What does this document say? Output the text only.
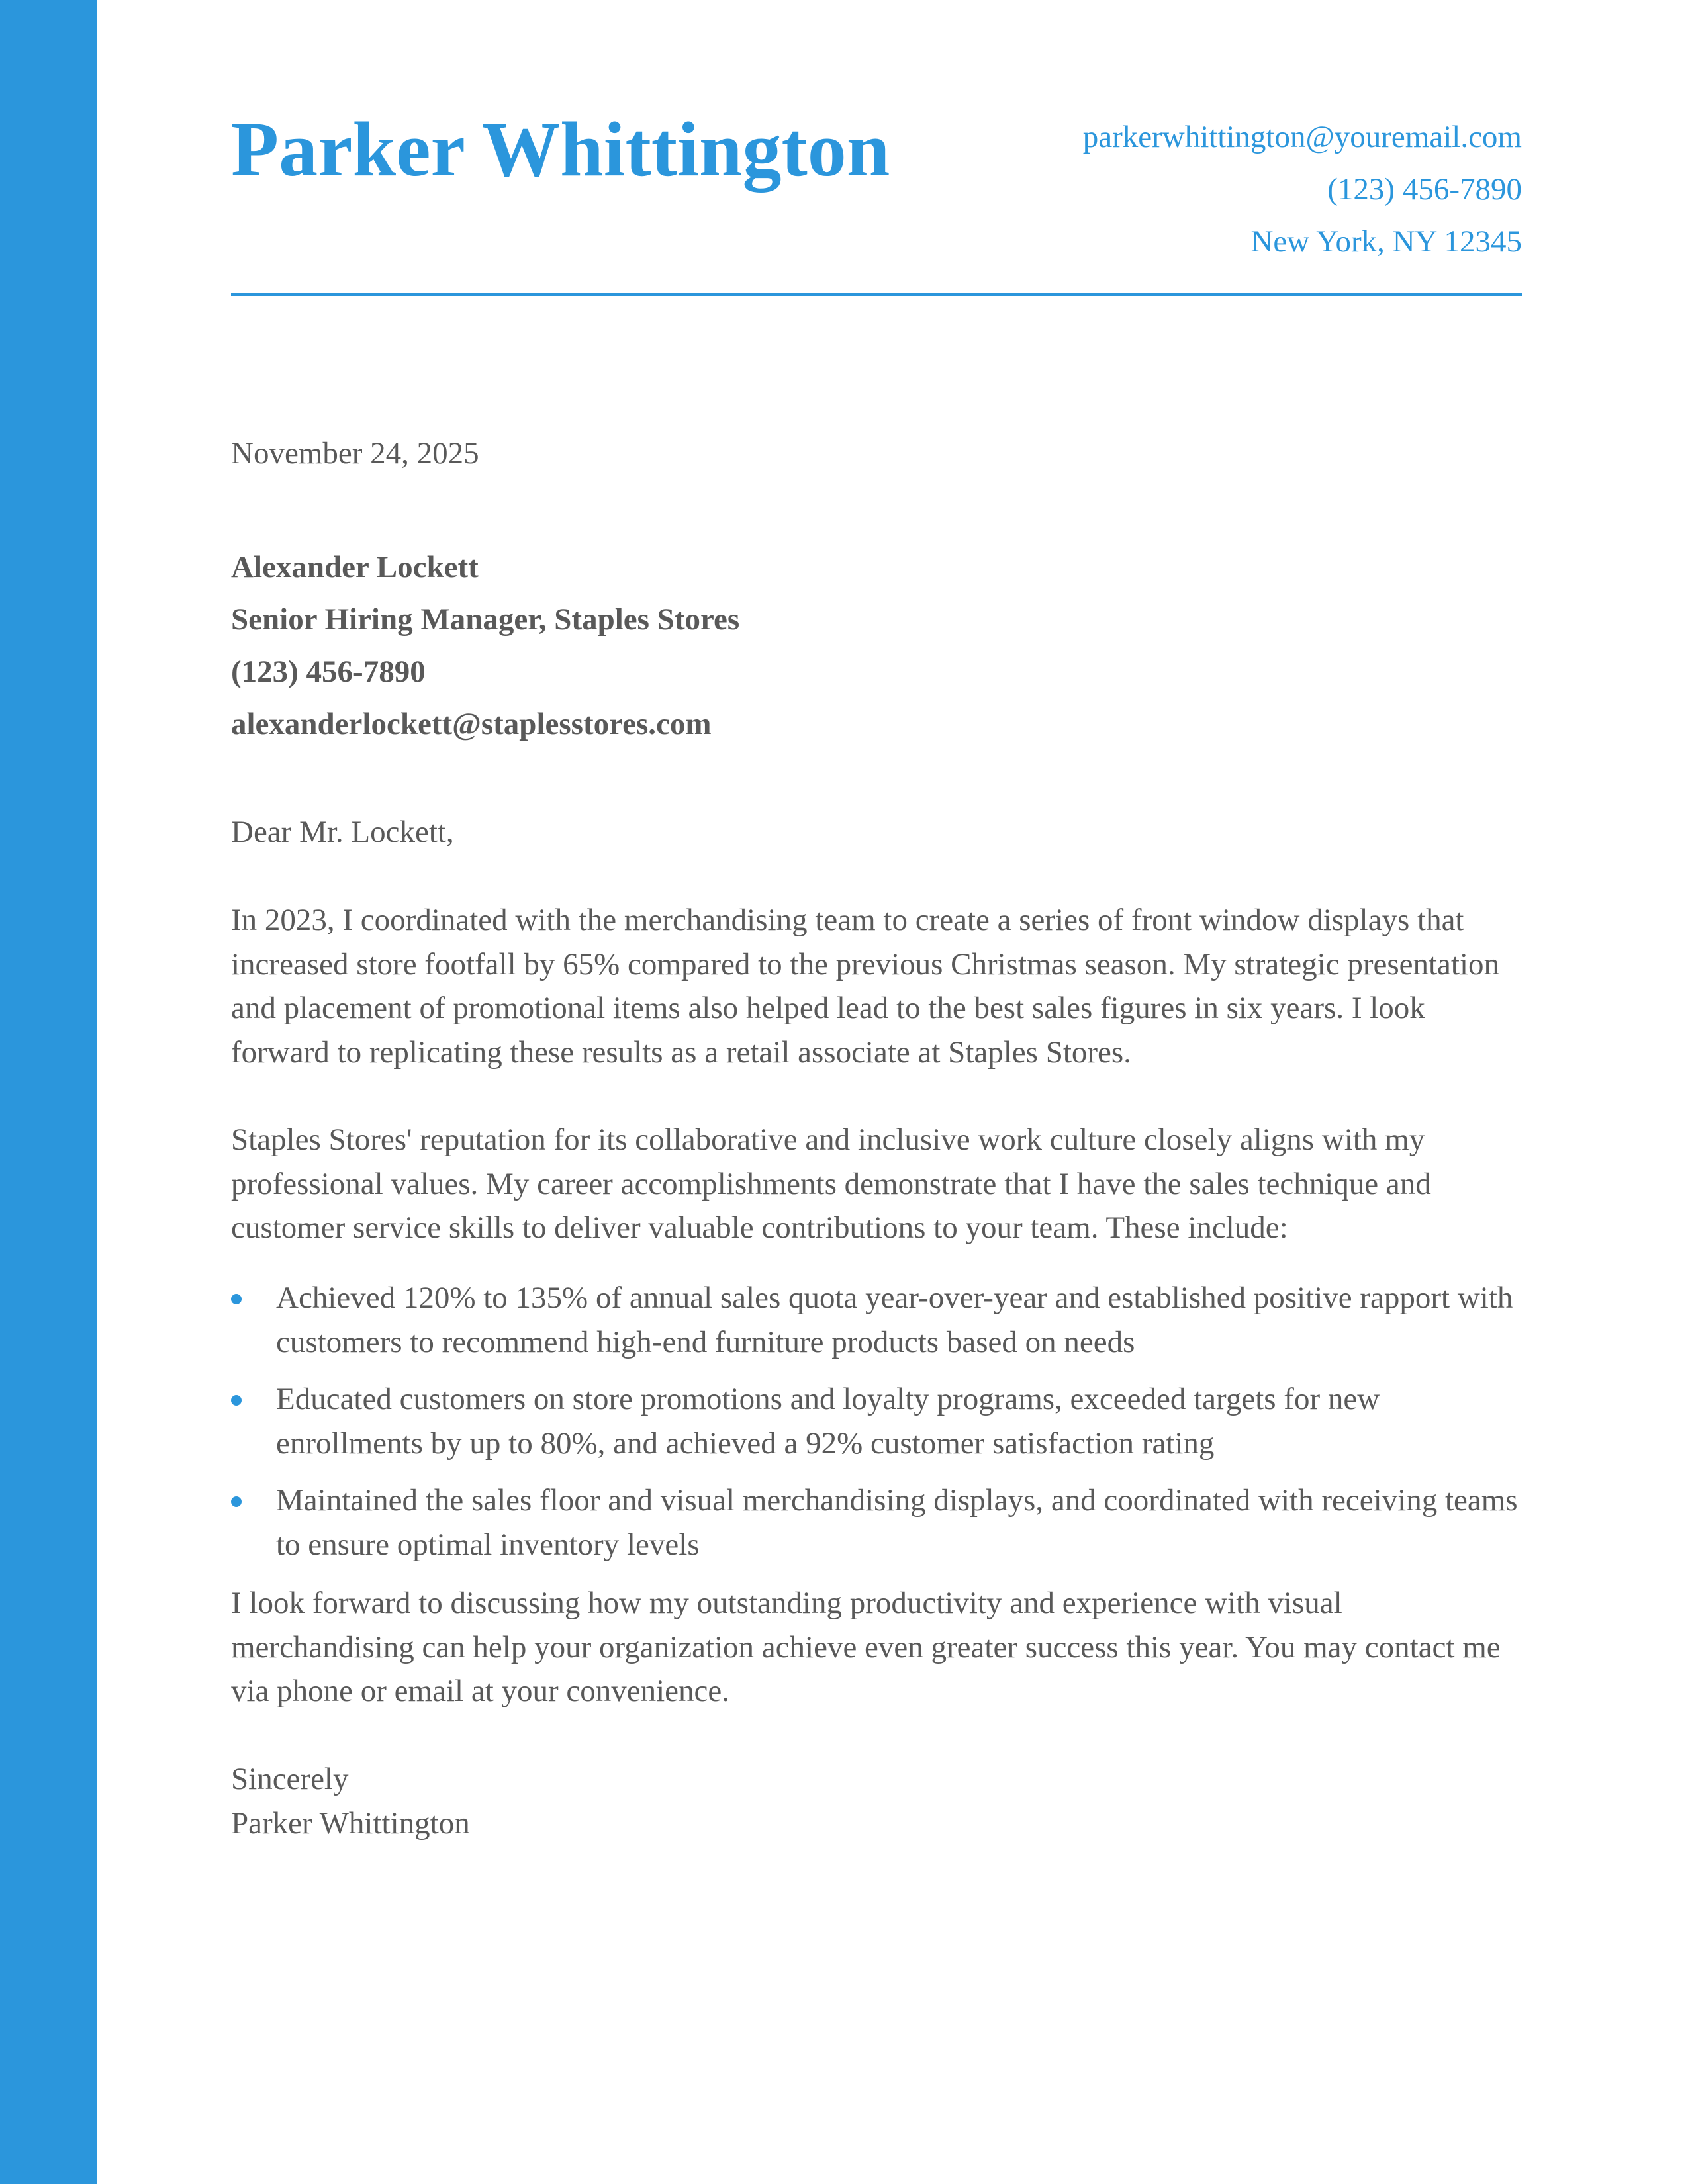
Parker Whittington	parkerwhittington@youremail.com
(123) 456-7890
New York, NY 12345
November 24, 2025
Alexander Lockett
Senior Hiring Manager, Staples Stores
(123) 456-7890
alexanderlockett@staplesstores.com
Dear Mr. Lockett,

In 2023, I coordinated with the merchandising team to create a series of front window displays that increased store footfall by 65% compared to the previous Christmas season. My strategic presentation and placement of promotional items also helped lead to the best sales figures in six years. I look forward to replicating these results as a retail associate at Staples Stores.

Staples Stores' reputation for its collaborative and inclusive work culture closely aligns with my professional values. My career accomplishments demonstrate that I have the sales technique and customer service skills to deliver valuable contributions to your team. These include:

Achieved 120% to 135% of annual sales quota year-over-year and established positive rapport with customers to recommend high-end furniture products based on needs
Educated customers on store promotions and loyalty programs, exceeded targets for new enrollments by up to 80%, and achieved a 92% customer satisfaction rating
Maintained the sales floor and visual merchandising displays, and coordinated with receiving teams to ensure optimal inventory levels

I look forward to discussing how my outstanding productivity and experience with visual merchandising can help your organization achieve even greater success this year. You may contact me via phone or email at your convenience.

Sincerely
Parker Whittington
